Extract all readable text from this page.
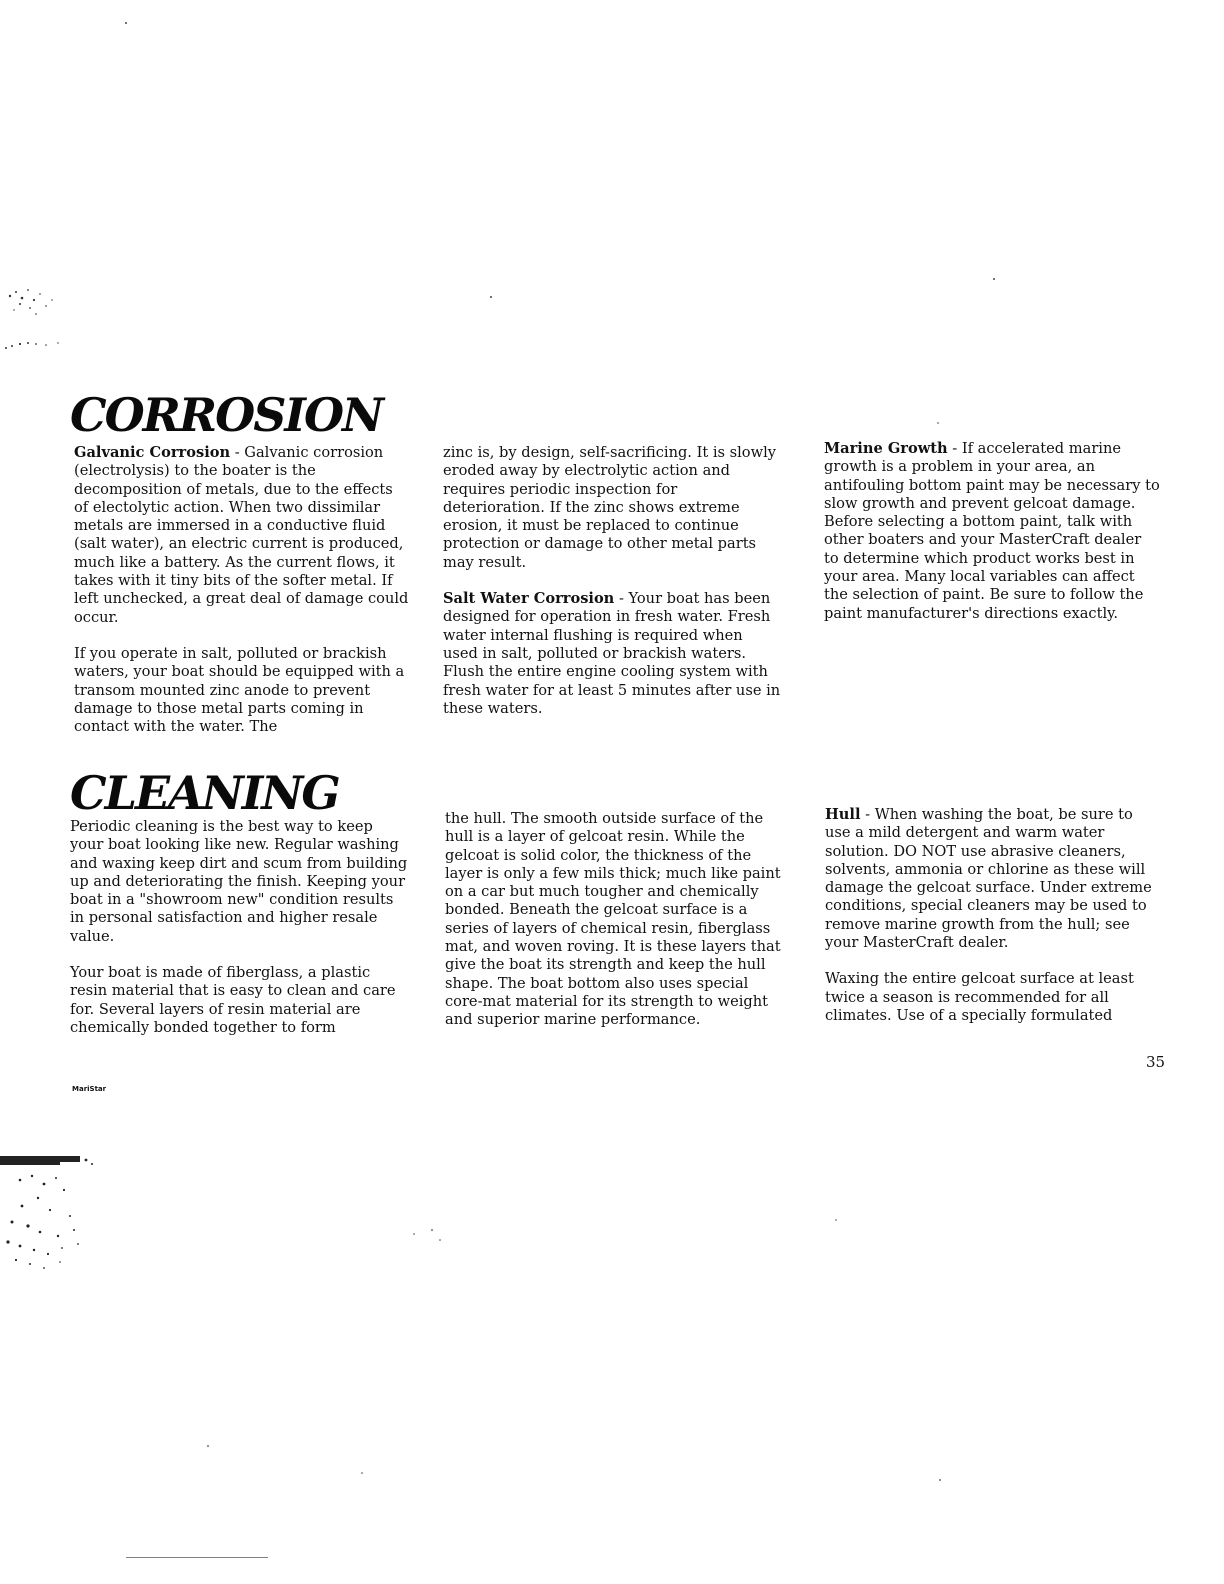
CORROSION

Galvanic Corrosion - Galvanic corrosion (electrolysis) to the boater is the decomposition of metals, due to the effects of electolytic action. When two dissimilar metals are immersed in a conductive fluid (salt water), an electric current is produced, much like a battery. As the current flows, it takes with it tiny bits of the softer metal. If left unchecked, a great deal of damage could occur.

If you operate in salt, polluted or brackish waters, your boat should be equipped with a transom mounted zinc anode to prevent damage to those metal parts coming in contact with the water. The

zinc is, by design, self-sacrificing. It is slowly eroded away by electrolytic action and requires periodic inspection for deterioration. If the zinc shows extreme erosion, it must be replaced to continue protection or damage to other metal parts may result.

Salt Water Corrosion - Your boat has been designed for operation in fresh water. Fresh water internal flushing is required when used in salt, polluted or brackish waters. Flush the entire engine cooling system with fresh water for at least 5 minutes after use in these waters.

Marine Growth - If accelerated marine growth is a problem in your area, an antifouling bottom paint may be necessary to slow growth and prevent gelcoat damage. Before selecting a bottom paint, talk with other boaters and your MasterCraft dealer to determine which product works best in your area. Many local variables can affect the selection of paint. Be sure to follow the paint manufacturer's directions exactly.

CLEANING

Periodic cleaning is the best way to keep your boat looking like new. Regular washing and waxing keep dirt and scum from building up and deteriorating the finish. Keeping your boat in a "showroom new" condition results in personal satisfaction and higher resale value.

Your boat is made of fiberglass, a plastic resin material that is easy to clean and care for. Several layers of resin material are chemically bonded together to form

the hull. The smooth outside surface of the hull is a layer of gelcoat resin. While the gelcoat is solid color, the thickness of the layer is only a few mils thick; much like paint on a car but much tougher and chemically bonded. Beneath the gelcoat surface is a series of layers of chemical resin, fiberglass mat, and woven roving. It is these layers that give the boat its strength and keep the hull shape. The boat bottom also uses special core-mat material for its strength to weight and superior marine performance.

Hull - When washing the boat, be sure to use a mild detergent and warm water solution. DO NOT use abrasive cleaners, solvents, ammonia or chlorine as these will damage the gelcoat surface. Under extreme conditions, special cleaners may be used to remove marine growth from the hull; see your MasterCraft dealer.

Waxing the entire gelcoat surface at least twice a season is recommended for all climates. Use of a specially formulated

35
MariStar
